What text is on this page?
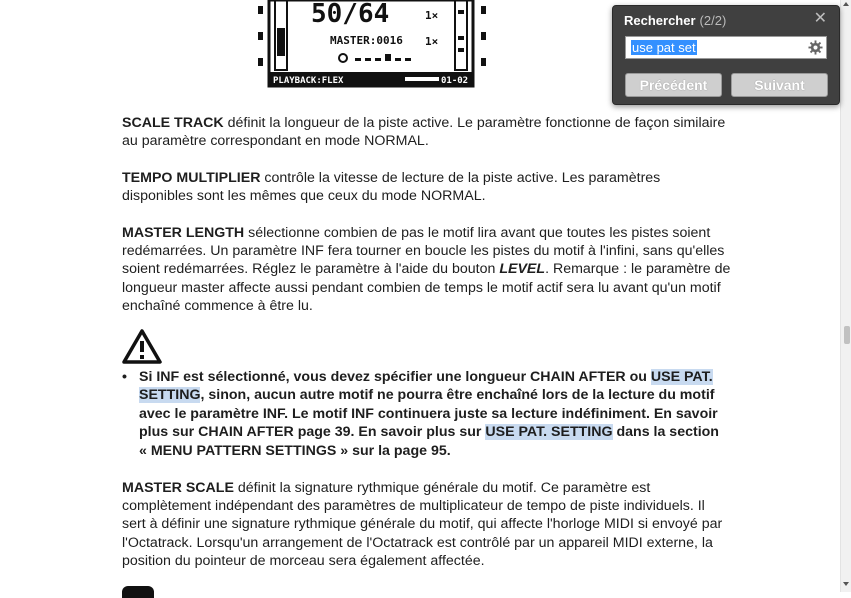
50/64	1×
1×
MASTER:0016
PLAYBACK:FLEX	01-02
SCALE TRACK définit la longueur de la piste active. Le paramètre fonctionne de façon similaire au paramètre correspondant en mode NORMAL.
TEMPO MULTIPLIER contrôle la vitesse de lecture de la piste active. Les paramètres disponibles sont les mêmes que ceux du mode NORMAL.
MASTER LENGTH sélectionne combien de pas le motif lira avant que toutes les pistes soient redémarrées. Un paramètre INF fera tourner en boucle les pistes du motif à l'infini, sans qu'elles soient redémarrées. Réglez le paramètre à l'aide du bouton LEVEL. Remarque : le paramètre de longueur master affecte aussi pendant combien de temps le motif actif sera lu avant qu'un motif enchaîné commence à être lu.
• Si INF est sélectionné, vous devez spécifier une longueur CHAIN AFTER ou USE PAT. SETTING, sinon, aucun autre motif ne pourra être enchaîné lors de la lecture du motif avec le paramètre INF. Le motif INF continuera juste sa lecture indéfiniment. En savoir plus sur CHAIN AFTER page 39. En savoir plus sur USE PAT. SETTING dans la section « MENU PATTERN SETTINGS » sur la page 95.
MASTER SCALE définit la signature rythmique générale du motif. Ce paramètre est complètement indépendant des paramètres de multiplicateur de tempo de piste individuels. Il sert à définir une signature rythmique générale du motif, qui affecte l'horloge MIDI si envoyé par l'Octatrack. Lorsqu'un arrangement de l'Octatrack est contrôlé par un appareil MIDI externe, la position du pointeur de morceau sera également affectée.
Rechercher (2/2)	✕
use pat set
Précédent	Suivant
